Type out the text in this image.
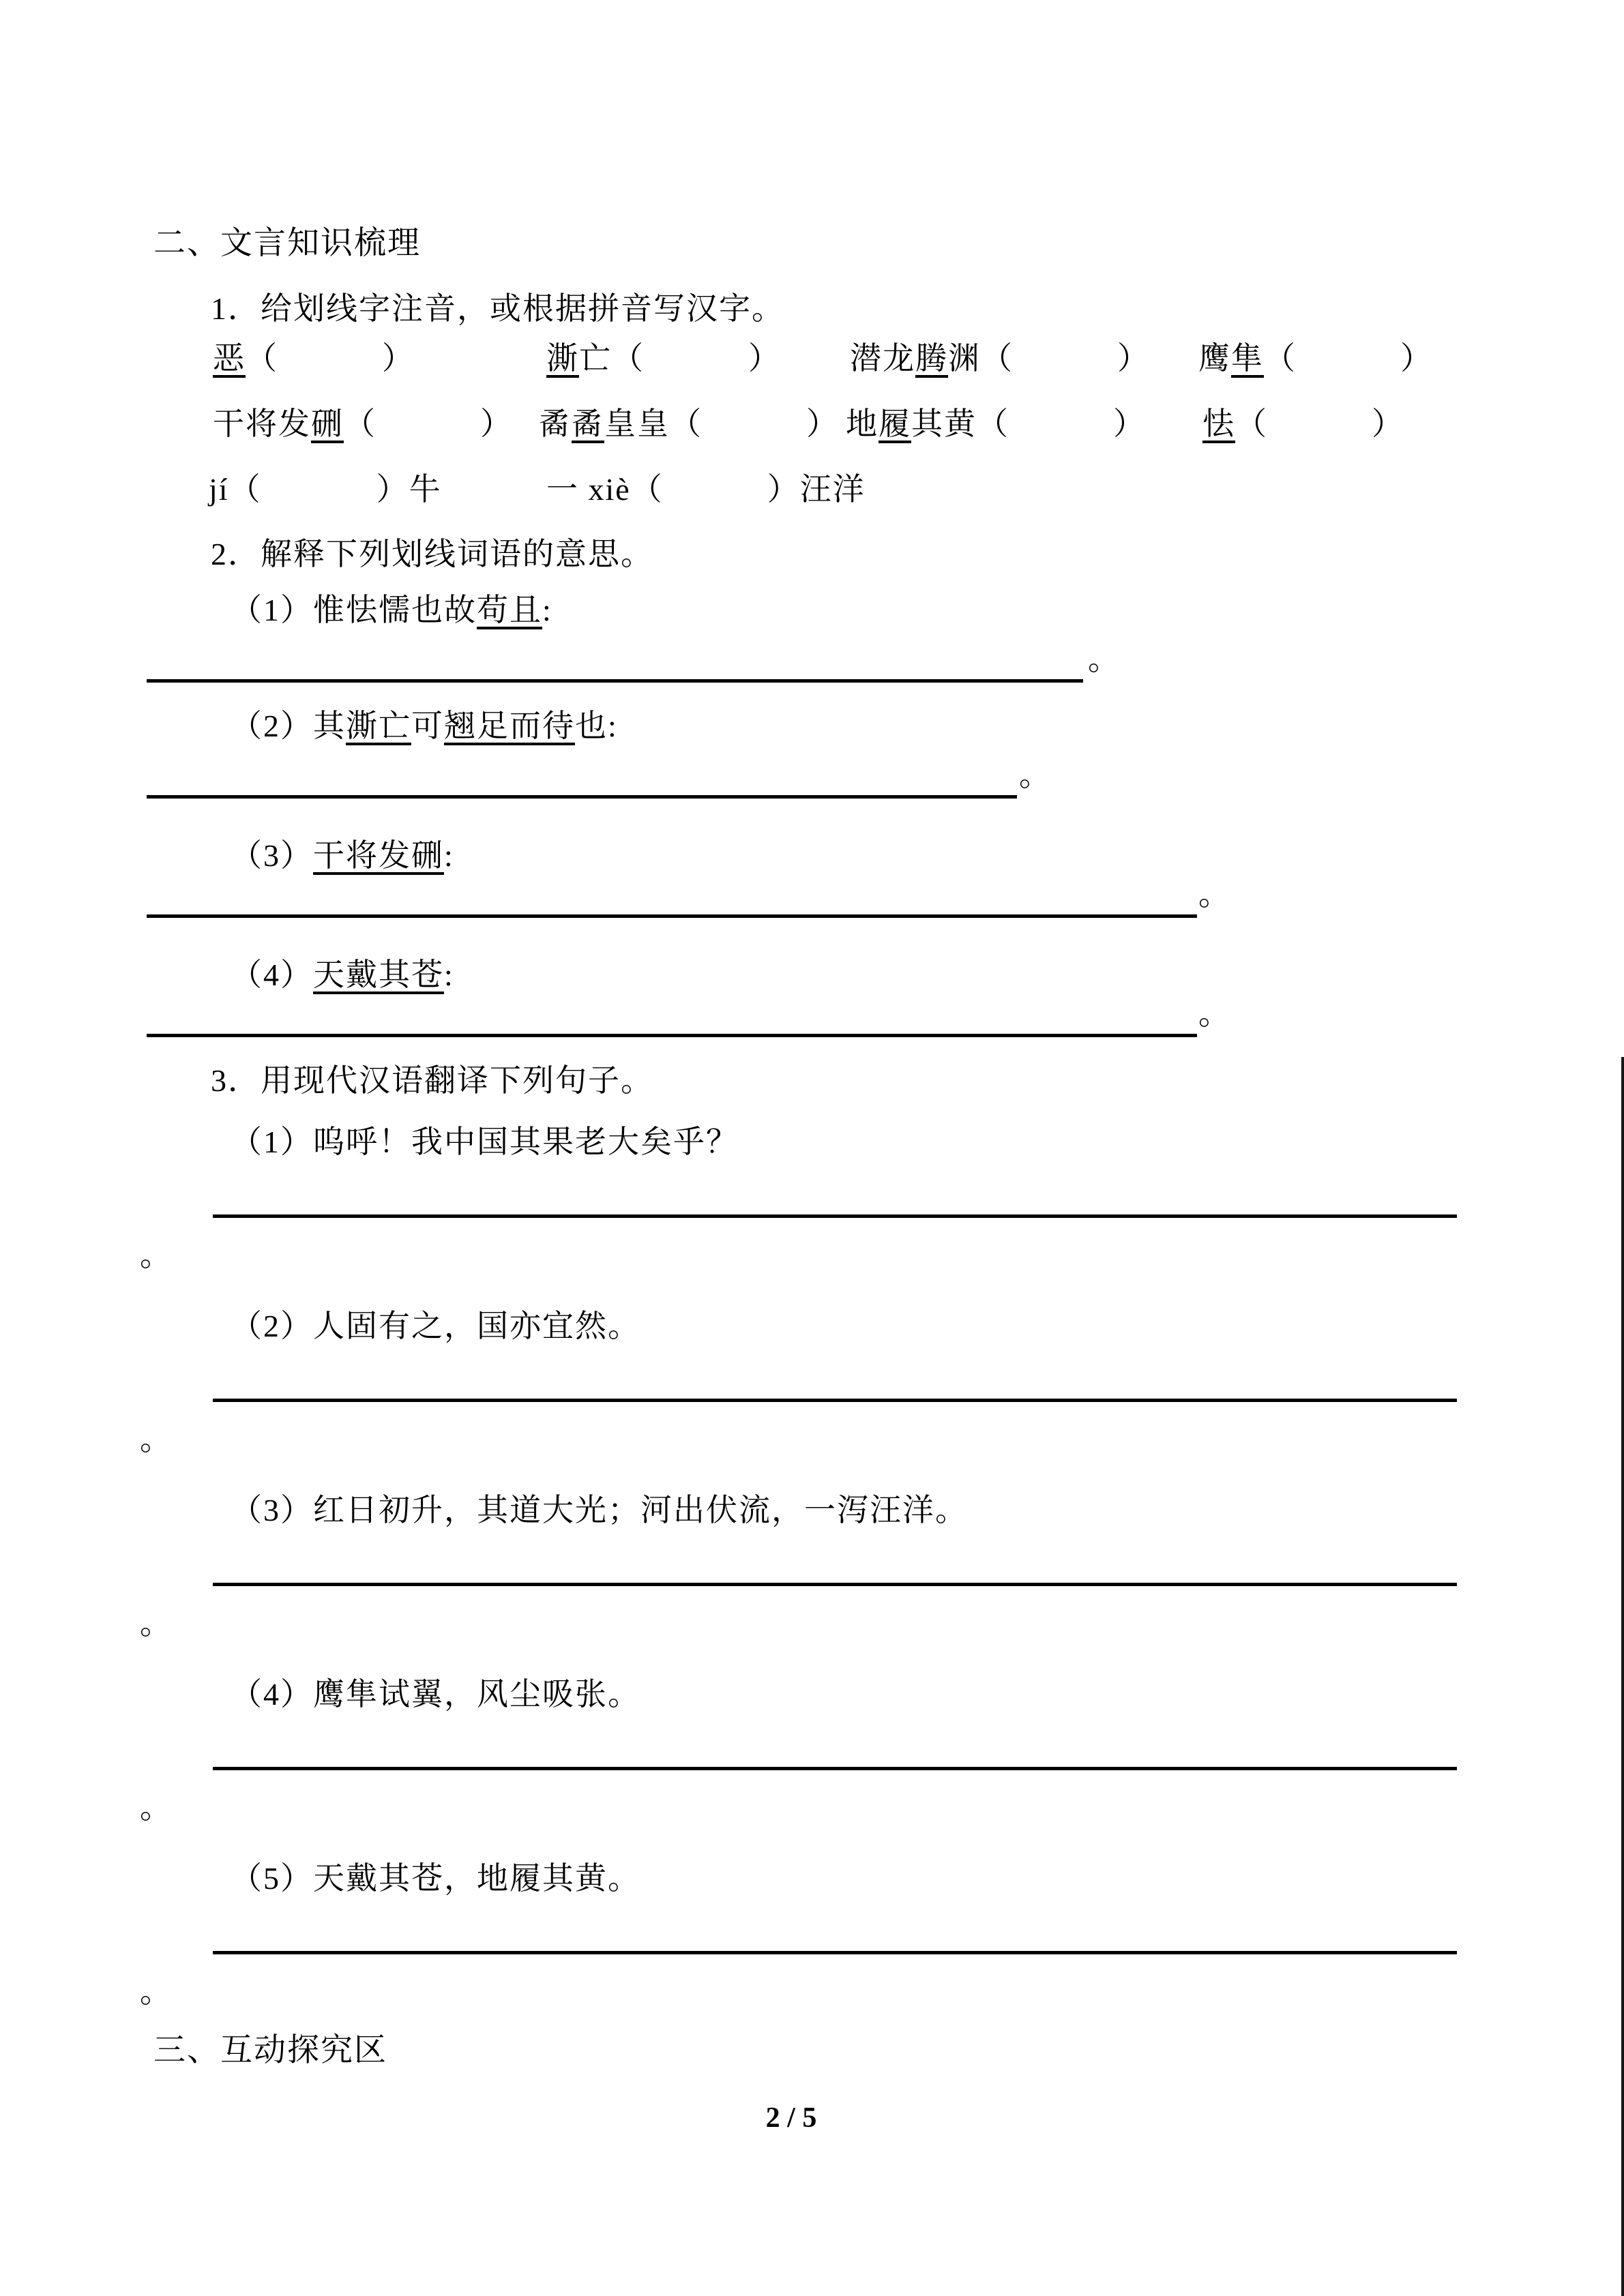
二、文言知识梳理
1．给划线字注音，或根据拼音写汉字。
恶（	）	澌亡（	） 潜龙腾渊（	） 鹰隼（	）
干将发硎（	） 矞矞皇皇（	） 地履其黄（	） 怯（	）
jí（	）牛	一 xiè（	）汪洋
2．解释下列划线词语的意思。
（1）惟怯懦也故苟且:
。
（2）其澌亡可翘足而待也:
。
（3）干将发硎:
。
（4）天戴其苍:
。
3．用现代汉语翻译下列句子。
（1）呜呼！我中国其果老大矣乎？
。
（2）人固有之，国亦宜然。
。
（3）红日初升，其道大光；河出伏流，一泻汪洋。
。
（4）鹰隼试翼，风尘吸张。
。
（5）天戴其苍，地履其黄。
。
三、互动探究区
2 / 5
